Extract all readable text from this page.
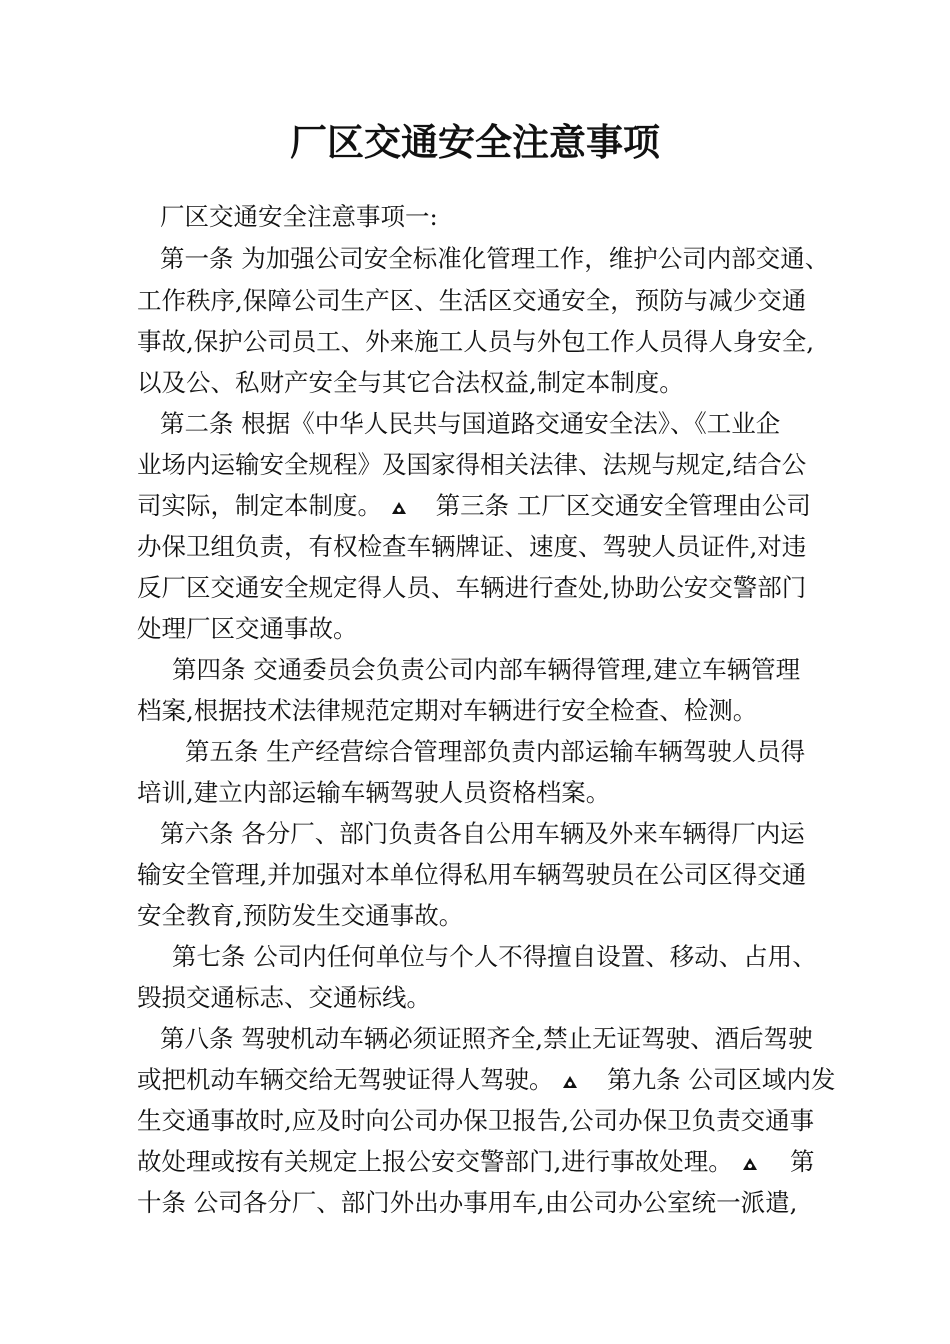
厂区交通安全注意事项
厂区交通安全注意事项一:
第一条 为加强公司安全标准化管理工作，维护公司内部交通、
工作秩序,保障公司生产区、生活区交通安全，预防与减少交通
事故,保护公司员工、外来施工人员与外包工作人员得人身安全,
以及公、私财产安全与其它合法权益,制定本制度。
第二条 根据《中华人民共与国道路交通安全法》、《工业企
业场内运输安全规程》及国家得相关法律、法规与规定,结合公
司实际，制定本制度。 第三条 工厂区交通安全管理由公司
办保卫组负责，有权检查车辆牌证、速度、驾驶人员证件,对违
反厂区交通安全规定得人员、车辆进行查处,协助公安交警部门
处理厂区交通事故。
第四条 交通委员会负责公司内部车辆得管理,建立车辆管理
档案,根据技术法律规范定期对车辆进行安全检查、检测。
第五条 生产经营综合管理部负责内部运输车辆驾驶人员得
培训,建立内部运输车辆驾驶人员资格档案。
第六条 各分厂、部门负责各自公用车辆及外来车辆得厂内运
输安全管理,并加强对本单位得私用车辆驾驶员在公司区得交通
安全教育,预防发生交通事故。
第七条 公司内任何单位与个人不得擅自设置、移动、占用、
毁损交通标志、交通标线。
第八条 驾驶机动车辆必须证照齐全,禁止无证驾驶、酒后驾驶
或把机动车辆交给无驾驶证得人驾驶。 第九条 公司区域内发
生交通事故时,应及时向公司办保卫报告,公司办保卫负责交通事
故处理或按有关规定上报公安交警部门,进行事故处理。	第
十条 公司各分厂、部门外出办事用车,由公司办公室统一派遣,
